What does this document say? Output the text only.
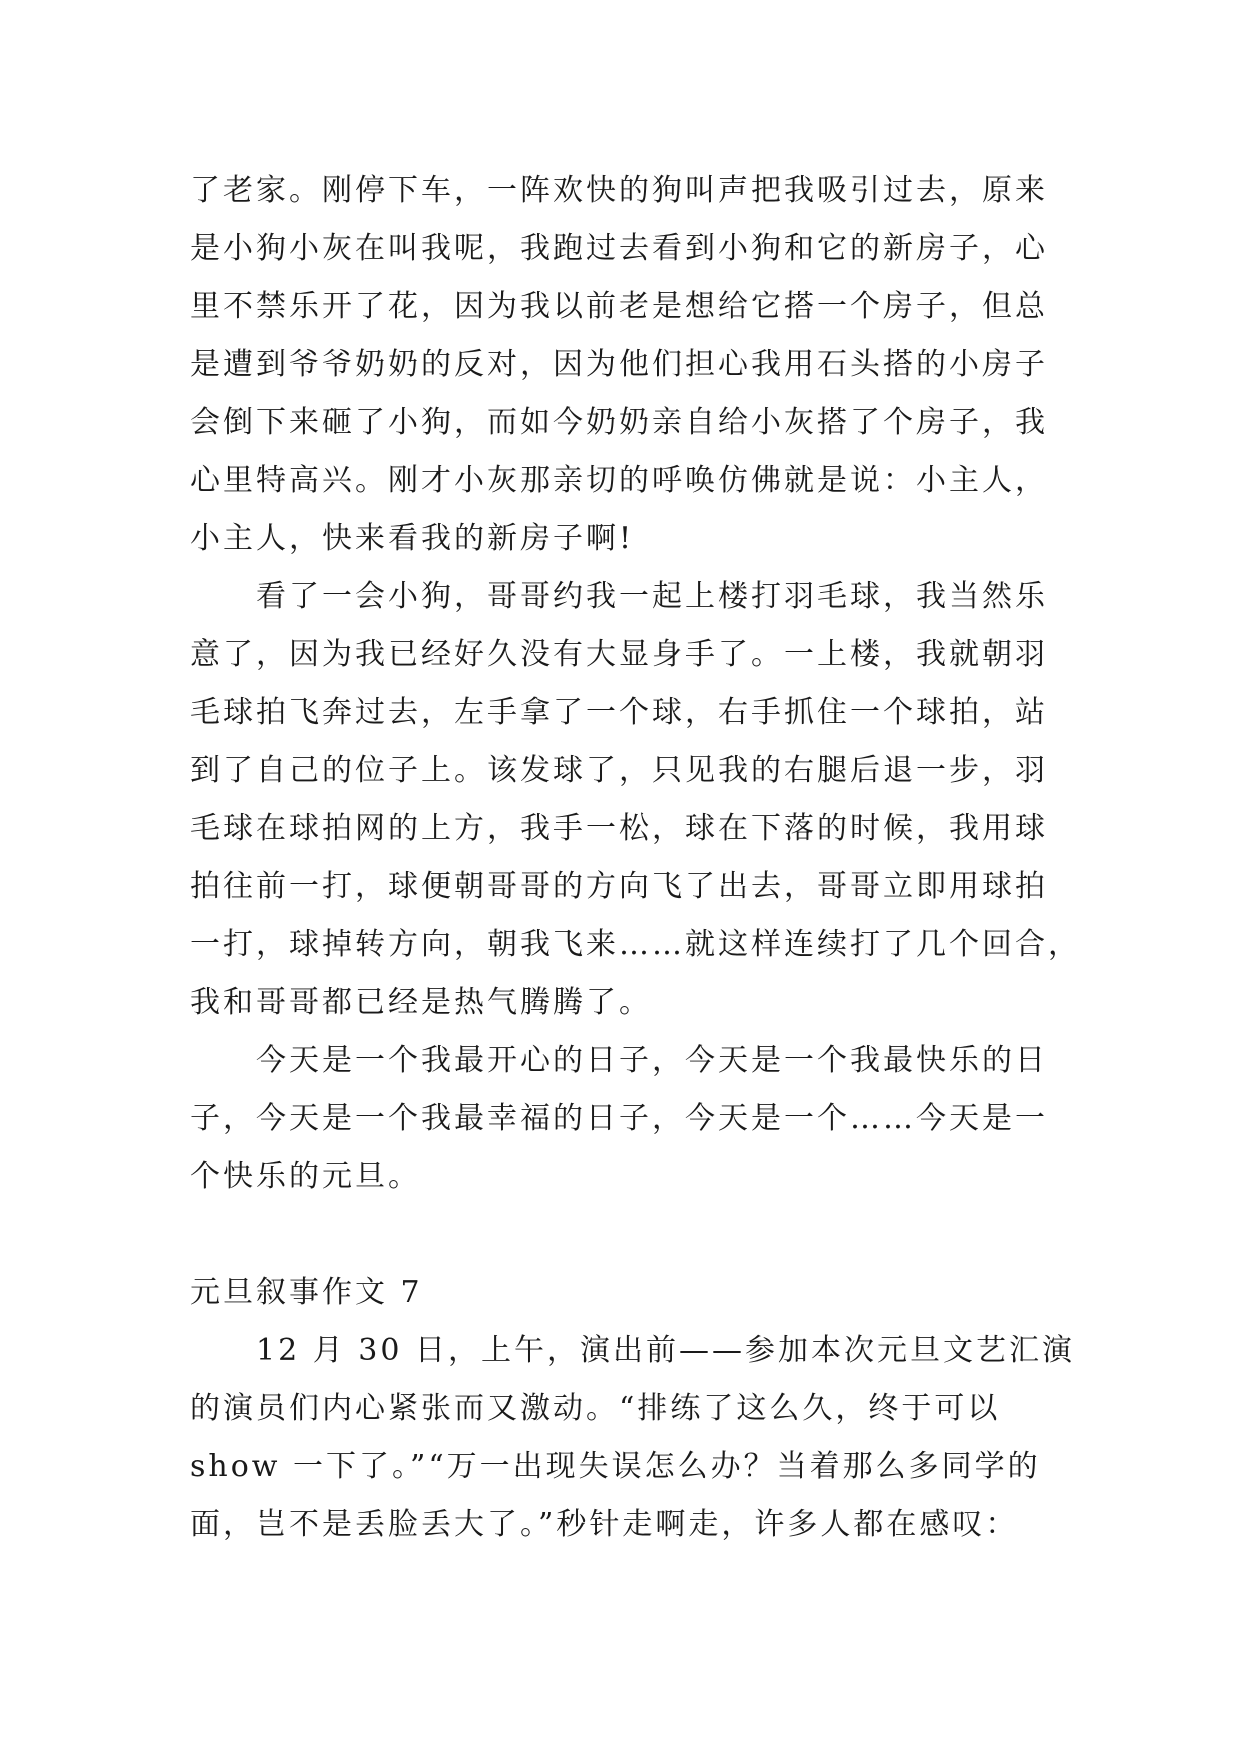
了老家。刚停下车，一阵欢快的狗叫声把我吸引过去，原来
是小狗小灰在叫我呢，我跑过去看到小狗和它的新房子，心
里不禁乐开了花，因为我以前老是想给它搭一个房子，但总
是遭到爷爷奶奶的反对，因为他们担心我用石头搭的小房子
会倒下来砸了小狗，而如今奶奶亲自给小灰搭了个房子，我
心里特高兴。刚才小灰那亲切的呼唤仿佛就是说：小主人，
小主人，快来看我的新房子啊!

看了一会小狗，哥哥约我一起上楼打羽毛球，我当然乐
意了，因为我已经好久没有大显身手了。一上楼，我就朝羽
毛球拍飞奔过去，左手拿了一个球，右手抓住一个球拍，站
到了自己的位子上。该发球了，只见我的右腿后退一步，羽
毛球在球拍网的上方，我手一松，球在下落的时候，我用球
拍往前一打，球便朝哥哥的方向飞了出去，哥哥立即用球拍
一打，球掉转方向，朝我飞来……就这样连续打了几个回合，
我和哥哥都已经是热气腾腾了。

今天是一个我最开心的日子，今天是一个我最快乐的日
子，今天是一个我最幸福的日子，今天是一个……今天是一
个快乐的元旦。

元旦叙事作文 7

12 月 30 日，上午，演出前——参加本次元旦文艺汇演
的演员们内心紧张而又激动。“排练了这么久，终于可以
show 一下了。”“万一出现失误怎么办？当着那么多同学的
面，岂不是丢脸丢大了。”秒针走啊走，许多人都在感叹：
